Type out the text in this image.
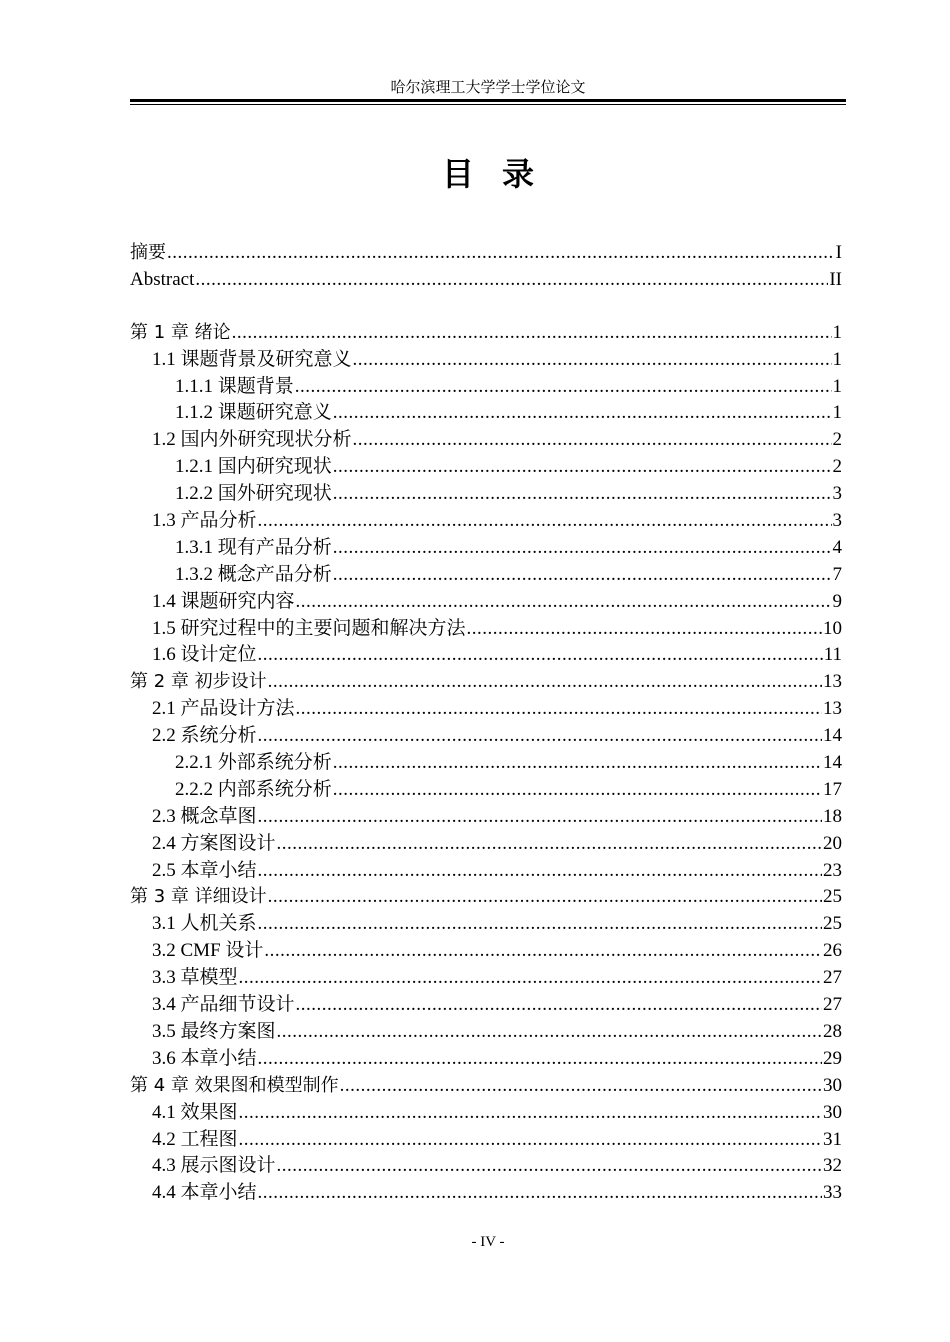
哈尔滨理工大学学士学位论文
目录
摘要 .....	I
Abstract .....	II
第 1 章 绪论 .....	1
1.1 课题背景及研究意义 .....	1
1.1.1 课题背景 .....	1
1.1.2 课题研究意义 .....	1
1.2 国内外研究现状分析 .....	2
1.2.1 国内研究现状 .....	2
1.2.2 国外研究现状 .....	3
1.3 产品分析 .....	3
1.3.1 现有产品分析 .....	4
1.3.2 概念产品分析 .....	7
1.4 课题研究内容 .....	9
1.5 研究过程中的主要问题和解决方法 .....	10
1.6 设计定位 .....	11
第 2 章 初步设计 .....	13
2.1 产品设计方法 .....	13
2.2 系统分析 .....	14
2.2.1 外部系统分析 .....	14
2.2.2 内部系统分析 .....	17
2.3 概念草图 .....	18
2.4 方案图设计 .....	20
2.5 本章小结 .....	23
第 3 章 详细设计 .....	25
3.1 人机关系 .....	25
3.2 CMF 设计 .....	26
3.3 草模型 .....	27
3.4 产品细节设计 .....	27
3.5 最终方案图 .....	28
3.6 本章小结 .....	29
第 4 章 效果图和模型制作 .....	30
4.1 效果图 .....	30
4.2 工程图 .....	31
4.3 展示图设计 .....	32
4.4 本章小结 .....	33
- IV -
